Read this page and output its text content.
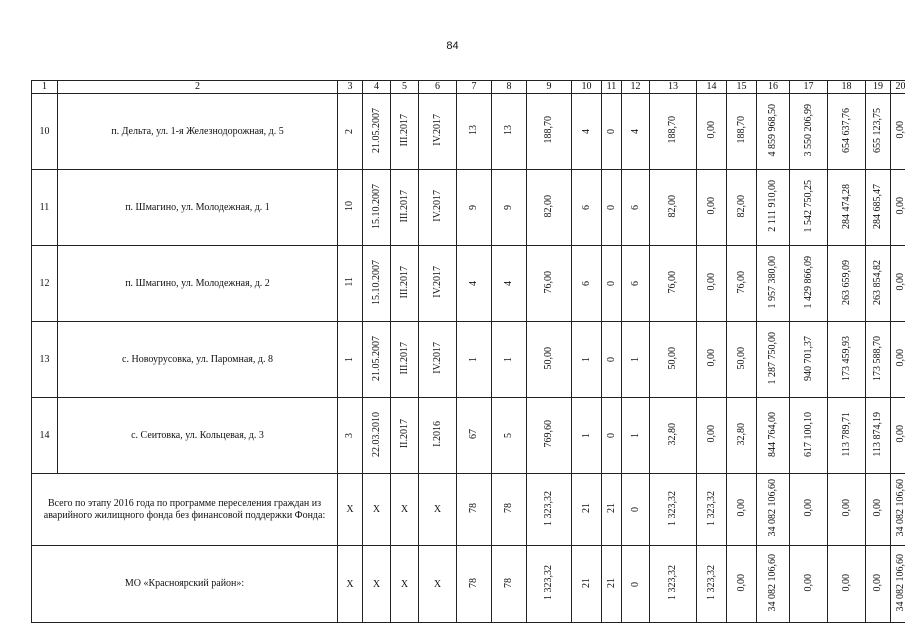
84
1	2	3	4	5	6	7	8	9	10	11	12	13	14	15	16	17	18	19	20
10	п. Дельта, ул. 1-я Железнодорожная, д. 5	2	21.05.2007	III.2017	IV.2017	13	13	188,70	4	0	4	188,70	0,00	188,70	4 859 968,50	3 550 206,99	654 637,76	655 123,75	0,00
11	п. Шмагино, ул. Молодежная, д. 1	10	15.10.2007	III.2017	IV.2017	9	9	82,00	6	0	6	82,00	0,00	82,00	2 111 910,00	1 542 750,25	284 474,28	284 685,47	0,00
12	п. Шмагино, ул. Молодежная, д. 2	11	15.10.2007	III.2017	IV.2017	4	4	76,00	6	0	6	76,00	0,00	76,00	1 957 380,00	1 429 866,09	263 659,09	263 854,82	0,00
13	с. Новоурусовка, ул. Паромная, д. 8	1	21.05.2007	III.2017	IV.2017	1	1	50,00	1	0	1	50,00	0,00	50,00	1 287 750,00	940 701,37	173 459,93	173 588,70	0,00
14	с. Сеитовка, ул. Кольцевая, д. 3	3	22.03.2010	II.2017	I.2016	67	5	769,60	1	0	1	32,80	0,00	32,80	844 764,00	617 100,10	113 789,71	113 874,19	0,00
Всего по этапу 2016 года по программе переселения граждан из аварийного жилищного фонда без финансовой поддержки Фонда:		Х	Х	Х	Х	78	78	1 323,32	21	21	0	1 323,32	1 323,32	0,00	34 082 106,60	0,00	0,00	0,00	34 082 106,60
МО «Красноярский район»:		Х	Х	Х	Х	78	78	1 323,32	21	21	0	1 323,32	1 323,32	0,00	34 082 106,60	0,00	0,00	0,00	34 082 106,60
